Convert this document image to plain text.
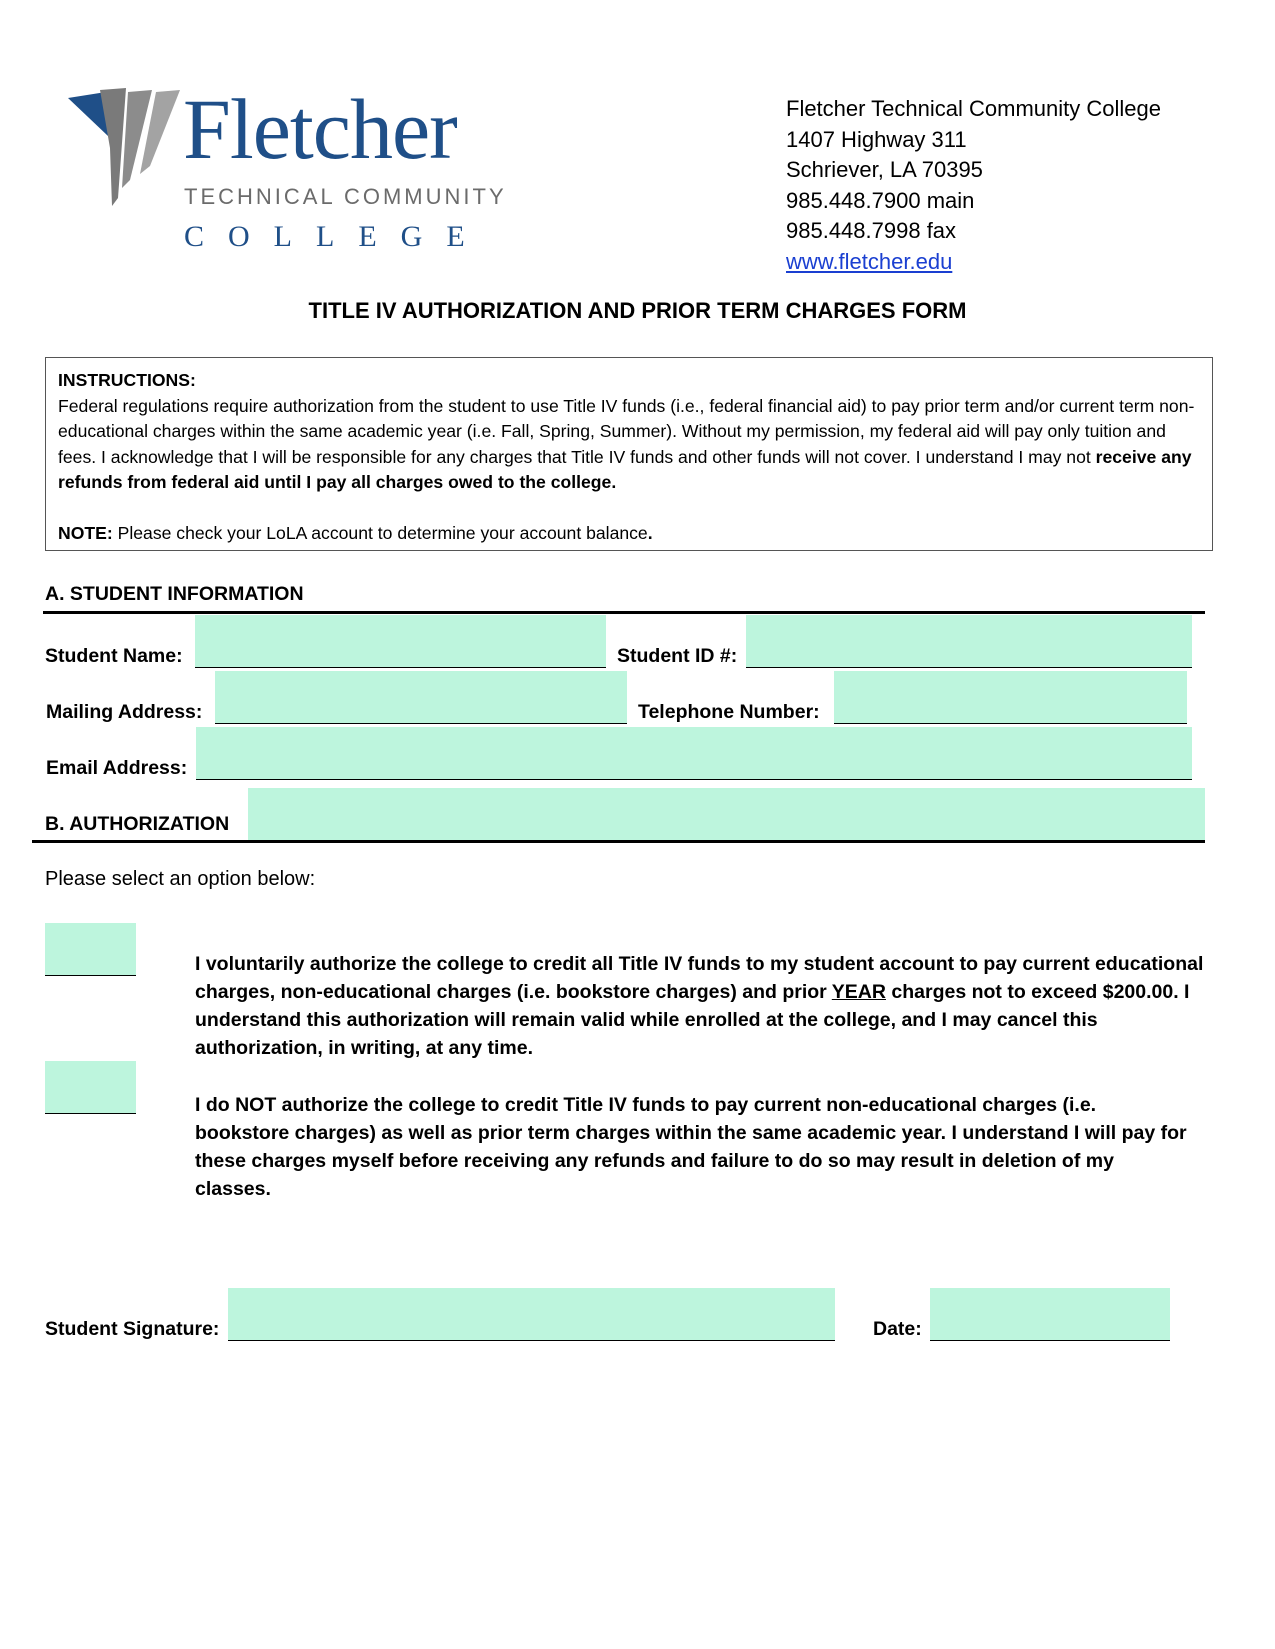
Fletcher
TECHNICAL COMMUNITY
COLLEGE
Fletcher Technical Community College
1407 Highway 311
Schriever, LA 70395
985.448.7900 main
985.448.7998 fax
www.fletcher.edu
TITLE IV AUTHORIZATION AND PRIOR TERM CHARGES FORM

INSTRUCTIONS:

Federal regulations require authorization from the student to use Title IV funds (i.e., federal financial aid) to pay prior term and/or current term non-educational charges within the same academic year (i.e. Fall, Spring, Summer). Without my permission, my federal aid will pay only tuition and fees. I acknowledge that I will be responsible for any charges that Title IV funds and other funds will not cover. I understand I may not receive any refunds from federal aid until I pay all charges owed to the college.

NOTE: Please check your LoLA account to determine your account balance.

A. STUDENT INFORMATION
Student Name:	Student ID #:
Mailing Address:	Telephone Number:
Email Address:
B. AUTHORIZATION
Please select an option below:
I voluntarily authorize the college to credit all Title IV funds to my student account to pay current educational charges, non-educational charges (i.e. bookstore charges) and prior YEAR charges not to exceed $200.00. I understand this authorization will remain valid while enrolled at the college, and I may cancel this authorization, in writing, at any time.
I do NOT authorize the college to credit Title IV funds to pay current non-educational charges (i.e. bookstore charges) as well as prior term charges within the same academic year. I understand I will pay for these charges myself before receiving any refunds and failure to do so may result in deletion of my classes.
Student Signature:	Date:
